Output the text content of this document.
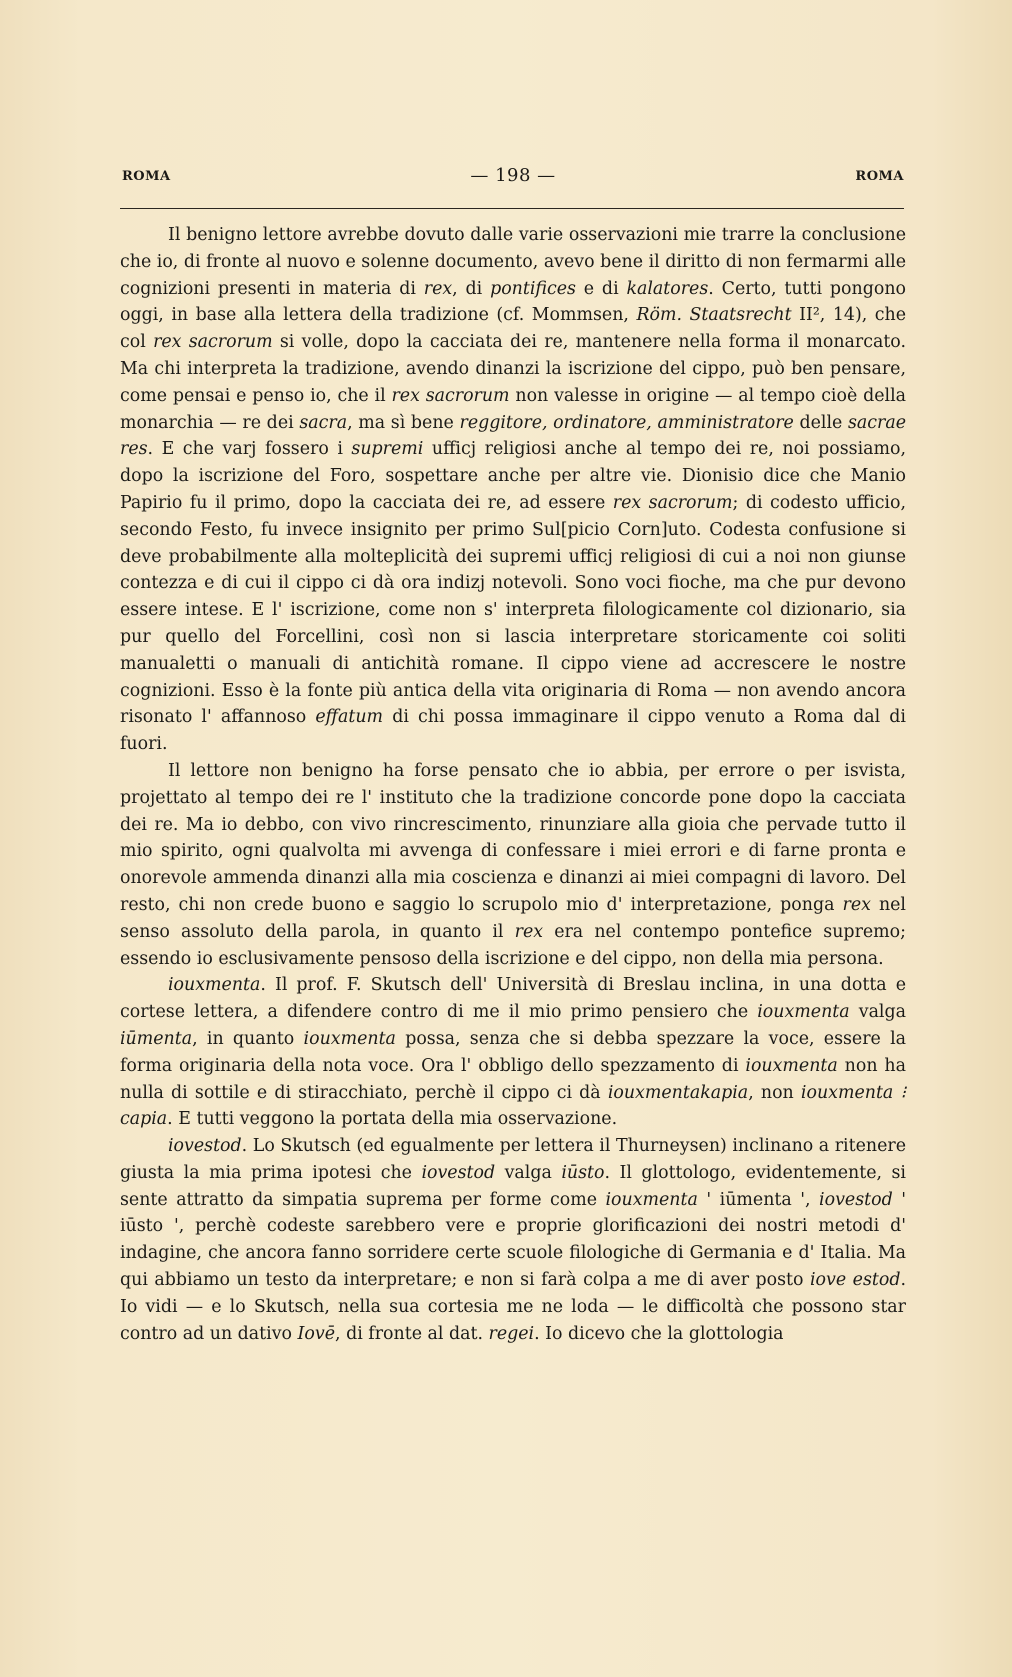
ROMA	— 198 —	ROMA

Il benigno lettore avrebbe dovuto dalle varie osservazioni mie trarre la conclusione che io, di fronte al nuovo e solenne documento, avevo bene il diritto di non fermarmi alle cognizioni presenti in materia di rex, di pontifices e di kalatores. Certo, tutti pongono oggi, in base alla lettera della tradizione (cf. Mommsen, Röm. Staatsrecht II², 14), che col rex sacrorum si volle, dopo la cacciata dei re, mantenere nella forma il monarcato. Ma chi interpreta la tradizione, avendo dinanzi la iscrizione del cippo, può ben pensare, come pensai e penso io, che il rex sacrorum non valesse in origine — al tempo cioè della monarchia — re dei sacra, ma sì bene reggitore, ordinatore, amministratore delle sacrae res. E che varj fossero i supremi ufficj religiosi anche al tempo dei re, noi possiamo, dopo la iscrizione del Foro, sospettare anche per altre vie. Dionisio dice che Manio Papirio fu il primo, dopo la cacciata dei re, ad essere rex sacrorum; di codesto ufficio, secondo Festo, fu invece insignito per primo Sul[picio Corn]uto. Codesta confusione si deve probabilmente alla molteplicità dei supremi ufficj religiosi di cui a noi non giunse contezza e di cui il cippo ci dà ora indizj notevoli. Sono voci fioche, ma che pur devono essere intese. E l' iscrizione, come non s' interpreta filologicamente col dizionario, sia pur quello del Forcellini, così non si lascia interpretare storicamente coi soliti manualetti o manuali di antichità romane. Il cippo viene ad accrescere le nostre cognizioni. Esso è la fonte più antica della vita originaria di Roma — non avendo ancora risonato l' affannoso effatum di chi possa immaginare il cippo venuto a Roma dal di fuori.

Il lettore non benigno ha forse pensato che io abbia, per errore o per isvista, projettato al tempo dei re l' instituto che la tradizione concorde pone dopo la cacciata dei re. Ma io debbo, con vivo rincrescimento, rinunziare alla gioia che pervade tutto il mio spirito, ogni qualvolta mi avvenga di confessare i miei errori e di farne pronta e onorevole ammenda dinanzi alla mia coscienza e dinanzi ai miei compagni di lavoro. Del resto, chi non crede buono e saggio lo scrupolo mio d' interpretazione, ponga rex nel senso assoluto della parola, in quanto il rex era nel contempo pontefice supremo; essendo io esclusivamente pensoso della iscrizione e del cippo, non della mia persona.

iouxmenta. Il prof. F. Skutsch dell' Università di Breslau inclina, in una dotta e cortese lettera, a difendere contro di me il mio primo pensiero che iouxmenta valga iūmenta, in quanto iouxmenta possa, senza che si debba spezzare la voce, essere la forma originaria della nota voce. Ora l' obbligo dello spezzamento di iouxmenta non ha nulla di sottile e di stiracchiato, perchè il cippo ci dà iouxmentakapia, non iouxmenta ⁝ capia. E tutti veggono la portata della mia osservazione.

iovestod. Lo Skutsch (ed egualmente per lettera il Thurneysen) inclinano a ritenere giusta la mia prima ipotesi che iovestod valga iūsto. Il glottologo, evidentemente, si sente attratto da simpatia suprema per forme come iouxmenta ' iūmenta ', iovestod ' iūsto ', perchè codeste sarebbero vere e proprie glorificazioni dei nostri metodi d' indagine, che ancora fanno sorridere certe scuole filologiche di Germania e d' Italia. Ma qui abbiamo un testo da interpretare; e non si farà colpa a me di aver posto iove estod. Io vidi — e lo Skutsch, nella sua cortesia me ne loda — le difficoltà che possono star contro ad un dativo Iovē, di fronte al dat. regei. Io dicevo che la glottologia
